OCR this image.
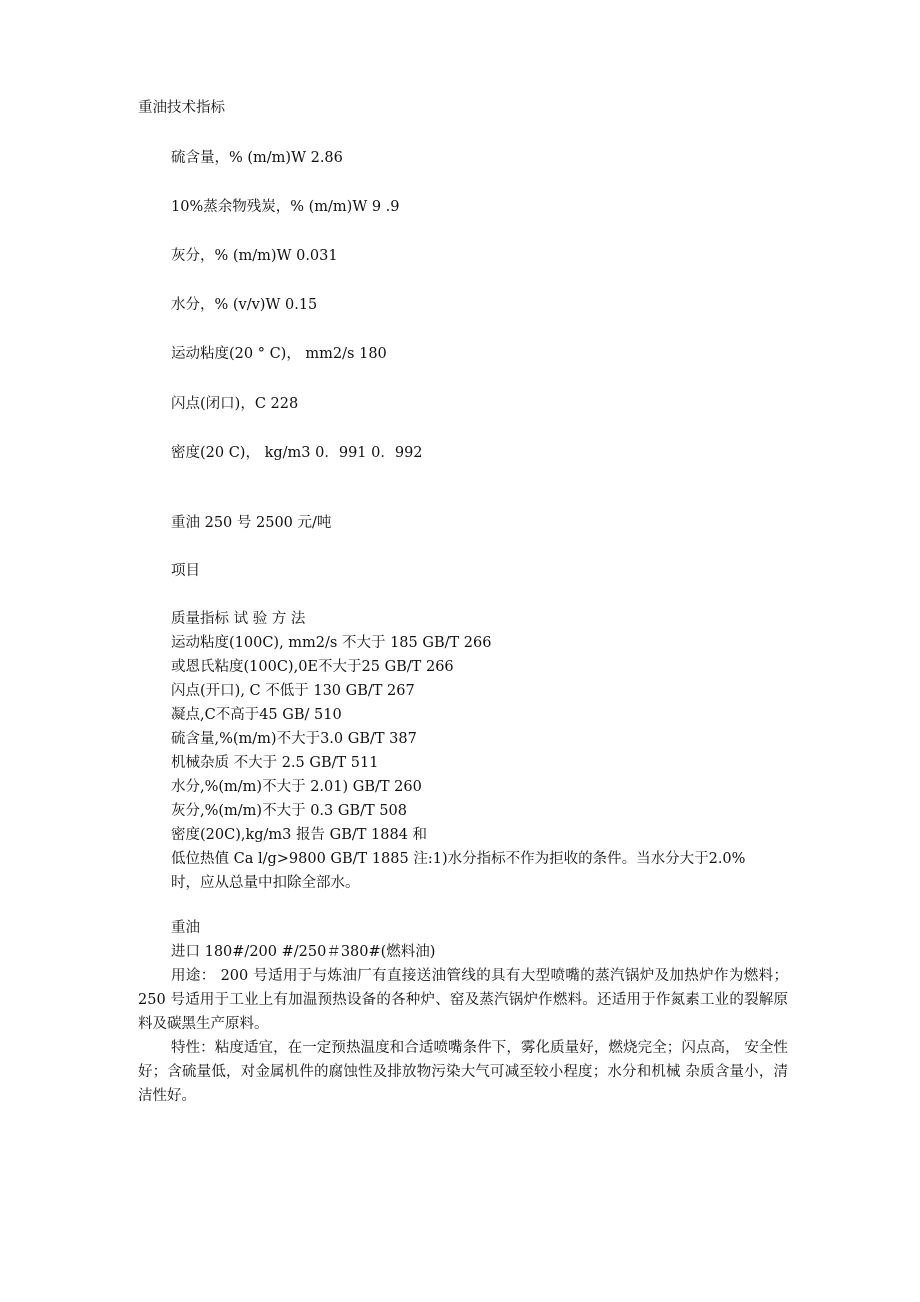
重油技术指标
硫含量，% (m/m)W 2.86
10%蒸余物残炭，% (m/m)W 9 .9
灰分，% (m/m)W 0.031
水分，% (v/v)W 0.15
运动粘度(20 ° C)， mm2/s 180
闪点(闭口)，C 228
密度(20 C)， kg/m3 0．991 0．992
重油 250 号 2500 元/吨
项目
质量指标 试 验 方 法
运动粘度(100C), mm2/s 不大于 185 GB/T 266
或恩氏粘度(100C),0E不大于25 GB/T 266
闪点(开口), C 不低于 130 GB/T 267
凝点,C不高于45 GB/ 510
硫含量,%(m/m)不大于3.0 GB/T 387
机械杂质 不大于 2.5 GB/T 511
水分,%(m/m)不大于 2.01) GB/T 260
灰分,%(m/m)不大于 0.3 GB/T 508
密度(20C),kg/m3 报告 GB/T 1884 和
低位热值 Ca l/g>9800 GB/T 1885 注:1)水分指标不作为拒收的条件。当水分大于2.0%时，应从总量中扣除全部水。
重油
进口 180#/200 #/250＃380#(燃料油)
用途： 200 号适用于与炼油厂有直接送油管线的具有大型喷嘴的蒸汽锅炉及加热炉作为燃料； 250 号适用于工业上有加温预热设备的各种炉、窑及蒸汽锅炉作燃料。还适用于作氮素工业的裂解原料及碳黑生产原料。
特性：粘度适宜，在一定预热温度和合适喷嘴条件下，雾化质量好，燃烧完全；闪点高， 安全性好；含硫量低，对金属机件的腐蚀性及排放物污染大气可减至较小程度；水分和机械 杂质含量小，清洁性好。
